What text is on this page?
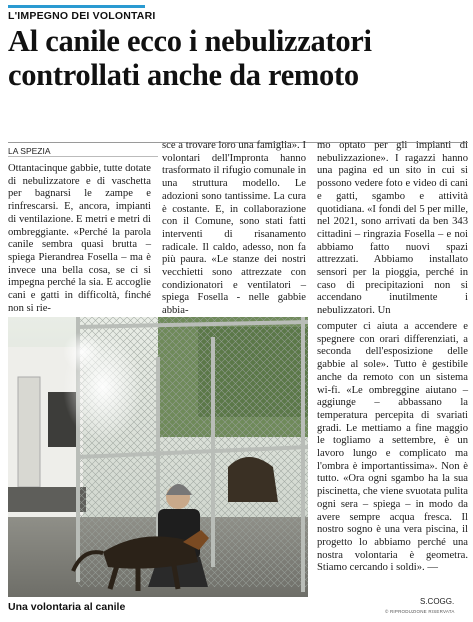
L'IMPEGNO DEI VOLONTARI
Al canile ecco i nebulizzatori controllati anche da remoto
LA SPEZIA

Ottantacinque gabbie, tutte dotate di nebulizzatore e di vaschetta per bagnarsi le zampe e rinfrescarsi. E, ancora, impianti di ventilazione. E metri e metri di ombreggiante. «Perché la parola canile sembra quasi brutta – spiega Pierandrea Fosella – ma è invece una bella cosa, se ci si impegna perché la sia. E accoglie cani e gatti in difficoltà, finché non si rie-

sce a trovare loro una famiglia». I volontari dell'Impronta hanno trasformato il rifugio comunale in una struttura modello. Le adozioni sono tantissime. La cura è costante. E, in collaborazione con il Comune, sono stati fatti interventi di risanamento radicale. Il caldo, adesso, non fa più paura. «Le stanze dei nostri vecchietti sono attrezzate con condizionatori e ventilatori – spiega Fosella - nelle gabbie abbia-

mo optato per gli impianti di nebulizzazione». I ragazzi hanno una pagina ed un sito in cui si possono vedere foto e video di cani e gatti, sgambo e attività quotidiana. «I fondi del 5 per mille, nel 2021, sono arrivati da ben 343 cittadini – ringrazia Fosella – e noi abbiamo fatto nuovi spazi attrezzati. Abbiamo installato sensori per la pioggia, perché in caso di precipitazioni non si accendano inutilmente i nebulizzatori. Un

computer ci aiuta a accendere e spegnere con orari differenziati, a seconda dell'esposizione delle gabbie al sole». Tutto è gestibile anche da remoto con un sistema wi-fi. «Le ombreggine aiutano – aggiunge – abbassano la temperatura percepita di svariati gradi. Le mettiamo a fine maggio le togliamo a settembre, è un lavoro lungo e complicato ma l'ombra è importantissima». Non è tutto. «Ora ogni sgambo ha la sua piscinetta, che viene svuotata pulita ogni sera – spiega – in modo da avere sempre acqua fresca. Il nostro sogno è una vera piscina, il progetto lo abbiamo perché una nostra volontaria è geometra. Stiamo cercando i soldi». —

Una volontaria al canile	S.COGG.
© RIPRODUZIONE RISERVATA
